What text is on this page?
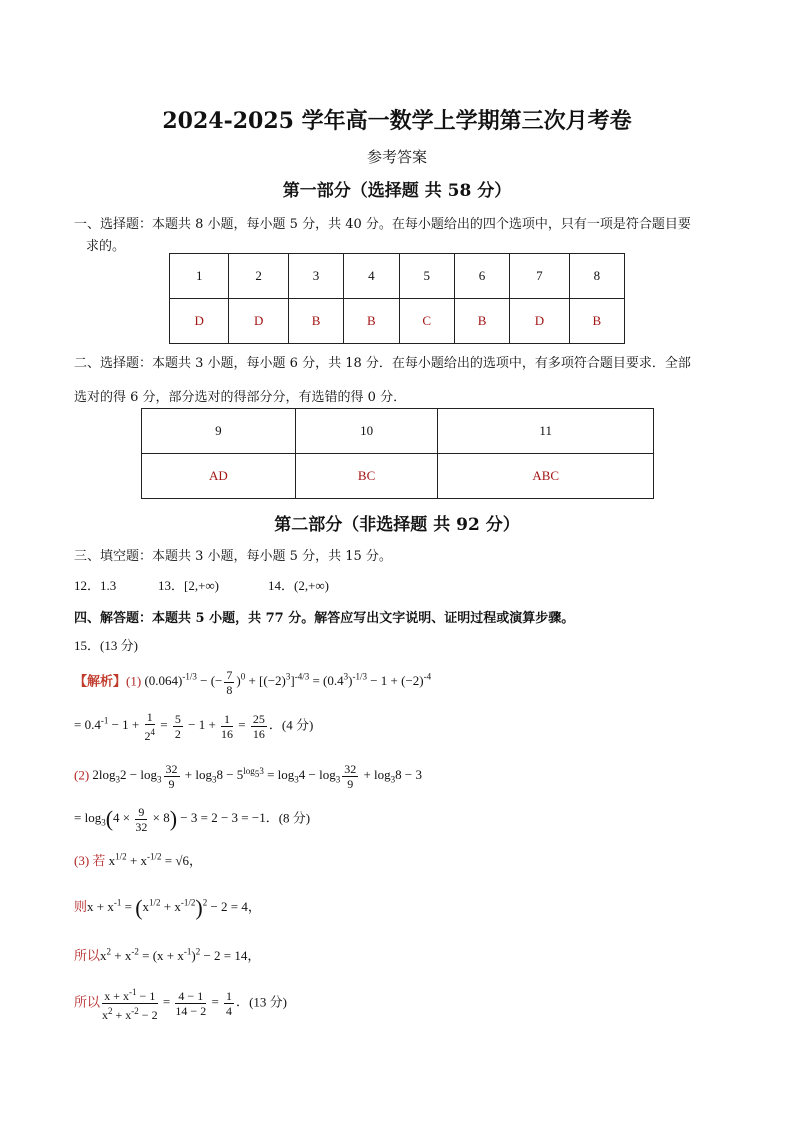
2024-2025 学年高一数学上学期第三次月考卷
参考答案
第一部分（选择题 共 58 分）
一、选择题：本题共 8 小题，每小题 5 分，共 40 分。在每小题给出的四个选项中，只有一项是符合题目要
求的。
1	2	3	4	5	6	7	8
D	D	B	B	C	B	D	B
二、选择题：本题共 3 小题，每小题 6 分，共 18 分．在每小题给出的选项中，有多项符合题目要求．全部
选对的得 6 分，部分选对的得部分分，有选错的得 0 分．
9	10	11
AD	BC	ABC
第二部分（非选择题 共 92 分）
三、填空题：本题共 3 小题，每小题 5 分，共 15 分。
12．1.3	13．[2,+∞)	14．(2,+∞)
四、解答题：本题共 5 小题，共 77 分。解答应写出文字说明、证明过程或演算步骤。
15．(13 分)
【解析】(1) $(0.064)^{-1/3}$ − (− $\frac{7}{8} )^0 + [(-2)^3]^{-4/3} = (0.4^3)^{-1/3} - 1 + (-2)^{-4}$
= $0.4^{-1} - 1 + \frac{1}{2^4} = \frac{5}{2} - 1 + \frac{1}{16} = \frac{25}{16}$ ．(4 分)
(2) $2\log_32 - \log_3 \frac{32}{9} + \log_38 - 5^{log_53} = \log_34 - \log_3 \frac{32}{9} + \log_38 - 3$
= $\log_3(4 \times \frac{9}{32} \times 8) - 3 = 2 - 3 = -1$．(8 分)
(3) 若 $x^{1/2} + x^{-1/2} = √6$，
则$x + x^{-1} = (x^{1/2} + x^{-1/2})^2 - 2 = 4$，
所以$x^2 + x^{-2} = (x + x^{-1})^2 - 2 = 14$，
所以 $\frac{x + x^{-1} - 1}{x^2 + x^{-2} - 2} = \frac{4 - 1}{14 - 2} = \frac{1}{4}$ ．(13 分)
